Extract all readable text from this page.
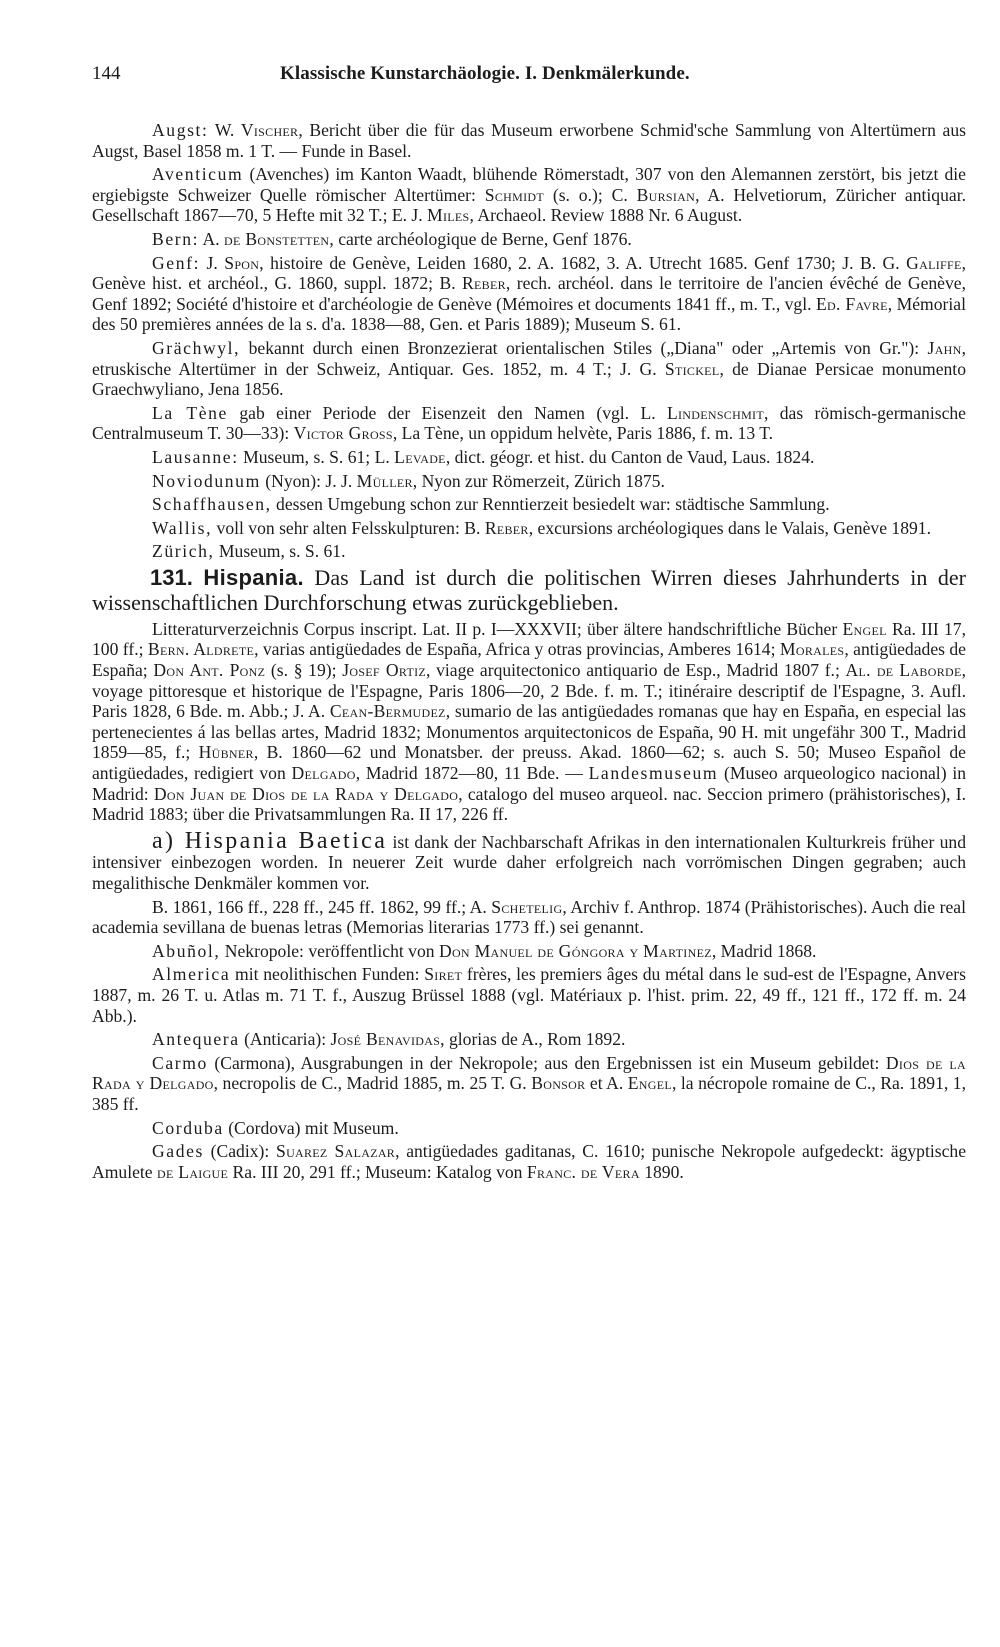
144	Klassische Kunstarchäologie. I. Denkmälerkunde.

Augst: W. Vischer, Bericht über die für das Museum erworbene Schmid'sche Sammlung von Altertümern aus Augst, Basel 1858 m. 1 T. — Funde in Basel.

Aventicum (Avenches) im Kanton Waadt, blühende Römerstadt, 307 von den Alemannen zerstört, bis jetzt die ergiebigste Schweizer Quelle römischer Altertümer: Schmidt (s. o.); C. Bursian, A. Helvetiorum, Züricher antiquar. Gesellschaft 1867—70, 5 Hefte mit 32 T.; E. J. Miles, Archaeol. Review 1888 Nr. 6 August.

Bern: A. de Bonstetten, carte archéologique de Berne, Genf 1876.

Genf: J. Spon, histoire de Genève, Leiden 1680, 2. A. 1682, 3. A. Utrecht 1685. Genf 1730; J. B. G. Galiffe, Genève hist. et archéol., G. 1860, suppl. 1872; B. Reber, rech. archéol. dans le territoire de l'ancien évêché de Genève, Genf 1892; Société d'histoire et d'archéologie de Genève (Mémoires et documents 1841 ff., m. T., vgl. Ed. Favre, Mémorial des 50 premières années de la s. d'a. 1838—88, Gen. et Paris 1889); Museum S. 61.

Grächwyl, bekannt durch einen Bronzezierat orientalischen Stiles („Diana" oder „Artemis von Gr."): Jahn, etruskische Altertümer in der Schweiz, Antiquar. Ges. 1852, m. 4 T.; J. G. Stickel, de Dianae Persicae monumento Graechwyliano, Jena 1856.

La Tène gab einer Periode der Eisenzeit den Namen (vgl. L. Lindenschmit, das römisch-germanische Centralmuseum T. 30—33): Victor Gross, La Tène, un oppidum helvète, Paris 1886, f. m. 13 T.

Lausanne: Museum, s. S. 61; L. Levade, dict. géogr. et hist. du Canton de Vaud, Laus. 1824.

Noviodunum (Nyon): J. J. Müller, Nyon zur Römerzeit, Zürich 1875.

Schaffhausen, dessen Umgebung schon zur Renntierzeit besiedelt war: städtische Sammlung.

Wallis, voll von sehr alten Felsskulpturen: B. Reber, excursions archéologiques dans le Valais, Genève 1891.

Zürich, Museum, s. S. 61.

131. Hispania. Das Land ist durch die politischen Wirren dieses Jahrhunderts in der wissenschaftlichen Durchforschung etwas zurückgeblieben.

Litteraturverzeichnis Corpus inscript. Lat. II p. I—XXXVII; über ältere handschriftliche Bücher Engel Ra. III 17, 100 ff.; Bern. Aldrete, varias antigüedades de España, Africa y otras provincias, Amberes 1614; Morales, antigüedades de España; Don Ant. Ponz (s. § 19); Josef Ortiz, viage arquitectonico antiquario de Esp., Madrid 1807 f.; Al. de Laborde, voyage pittoresque et historique de l'Espagne, Paris 1806—20, 2 Bde. f. m. T.; itinéraire descriptif de l'Espagne, 3. Aufl. Paris 1828, 6 Bde. m. Abb.; J. A. Cean-Bermudez, sumario de las antigüedades romanas que hay en España, en especial las pertenecientes á las bellas artes, Madrid 1832; Monumentos arquitectonicos de España, 90 H. mit ungefähr 300 T., Madrid 1859—85, f.; Hübner, B. 1860—62 und Monatsber. der preuss. Akad. 1860—62; s. auch S. 50; Museo Español de antigüedades, redigiert von Delgado, Madrid 1872—80, 11 Bde. — Landesmuseum (Museo arqueologico nacional) in Madrid: Don Juan de Dios de la Rada y Delgado, catalogo del museo arqueol. nac. Seccion primero (prähistorisches), I. Madrid 1883; über die Privatsammlungen Ra. II 17, 226 ff.

a) Hispania Baetica ist dank der Nachbarschaft Afrikas in den internationalen Kulturkreis früher und intensiver einbezogen worden. In neuerer Zeit wurde daher erfolgreich nach vorrömischen Dingen gegraben; auch megalithische Denkmäler kommen vor.

B. 1861, 166 ff., 228 ff., 245 ff. 1862, 99 ff.; A. Schetelig, Archiv f. Anthrop. 1874 (Prähistorisches). Auch die real academia sevillana de buenas letras (Memorias literarias 1773 ff.) sei genannt.

Abuñol, Nekropole: veröffentlicht von Don Manuel de Góngora y Martinez, Madrid 1868.

Almerica mit neolithischen Funden: Siret frères, les premiers âges du métal dans le sud-est de l'Espagne, Anvers 1887, m. 26 T. u. Atlas m. 71 T. f., Auszug Brüssel 1888 (vgl. Matériaux p. l'hist. prim. 22, 49 ff., 121 ff., 172 ff. m. 24 Abb.).

Antequera (Anticaria): José Benavidas, glorias de A., Rom 1892.

Carmo (Carmona), Ausgrabungen in der Nekropole; aus den Ergebnissen ist ein Museum gebildet: Dios de la Rada y Delgado, necropolis de C., Madrid 1885, m. 25 T. G. Bonsor et A. Engel, la nécropole romaine de C., Ra. 1891, 1, 385 ff.

Corduba (Cordova) mit Museum.

Gades (Cadix): Suarez Salazar, antigüedades gaditanas, C. 1610; punische Nekropole aufgedeckt: ägyptische Amulete de Laigue Ra. III 20, 291 ff.; Museum: Katalog von Franc. de Vera 1890.
